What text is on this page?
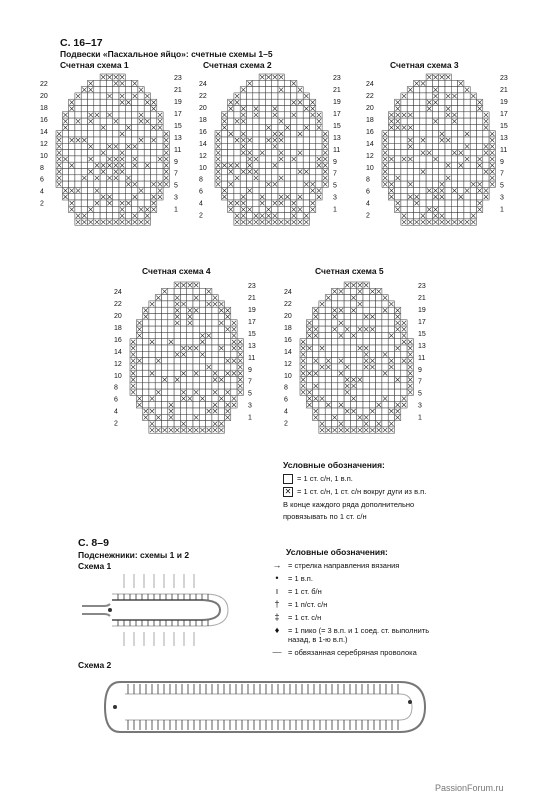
С. 16–17
Подвески «Пасхальное яйцо»: счетные схемы 1–5
Счетная схема 1	Счетная схема 2	Счетная схема 3
Счетная схема 4	Счетная схема 5
22
20
18
16
14
12
10
8
6
4
2
23
21
19
17
15
13
11
9
7
5
3
1
24
22
20
18
16
14
12
10
8
6
4
2
23
21
19
17
15
13
11
9
7
5
3
1
24
22
20
18
16
14
12
10
8
6
4
2
23
21
19
17
15
13
11
9
7
5
3
1
24
22
20
18
16
14
12
10
8
6
4
2
23
21
19
17
15
13
11
9
7
5
3
1
24
22
20
18
16
14
12
10
8
6
4
2
23
21
19
17
15
13
11
9
7
5
3
1
Условные обозначения:
= 1 ст. с/н, 1 в.п.
✕ = 1 ст. с/н, 1 ст. с/н вокруг дуги из в.п.
В конце каждого ряда дополнительно
провязывать по 1 ст. с/н
С. 8–9
Подснежники: схемы 1 и 2
Схема 1
Схема 2
Условные обозначения:
→ = стрелка направления вязания
•	= 1 в.п.
ı	= 1 ст. б/н
†	= 1 п/ст. с/н
‡	= 1 ст. с/н
♦	= 1 пико (= 3 в.п. и 1 соед. ст. выполнить назад, в 1-ю в.п.)
— = обвязанная серебряная проволока
PassionForum.ru
